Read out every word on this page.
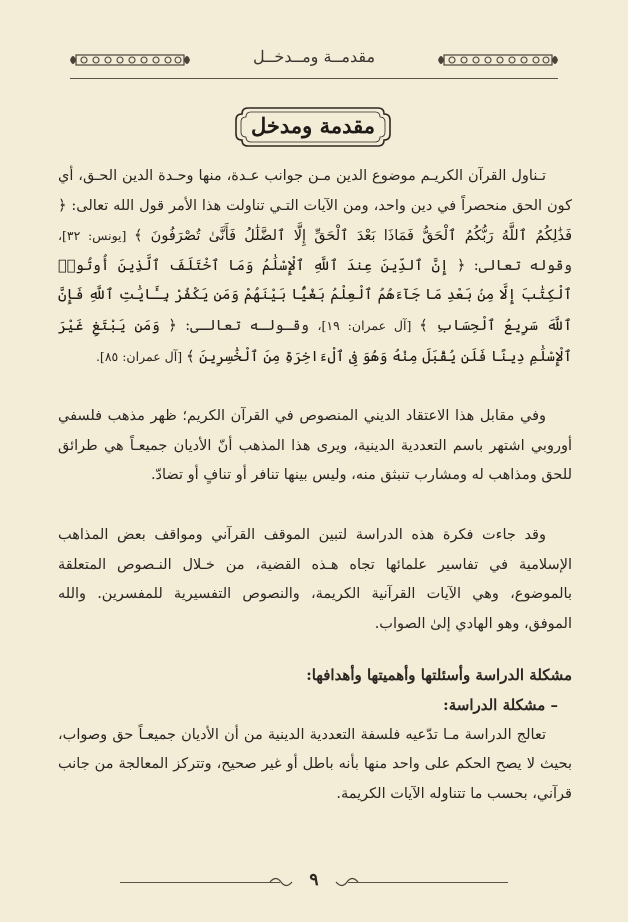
مقدمــة ومــدخــل
مقدمة ومدخل

تـناول القرآن الكريـم موضوع الدين مـن جوانب عـدة، منها وحـدة الدين الحـق، أي كون الحق منحصراً في دين واحد، ومن الآيات التـي تناولت هذا الأمر قول الله تعالى: ﴿ فَذَٰلِكُمُ ٱللَّهُ رَبُّكُمُ ٱلْحَقُّ فَمَاذَا بَعْدَ ٱلْحَقِّ إِلَّا ٱلضَّلَٰلُ فَأَنَّىٰ تُصْرَفُونَ ﴾ [يونس: ٣٢]، وقوله تعالى: ﴿ إِنَّ ٱلدِّينَ عِندَ ٱللَّهِ ٱلْإِسْلَٰمُ وَمَا ٱخْتَلَفَ ٱلَّذِينَ أُوتُوا۟ ٱلْكِتَٰبَ إِلَّا مِنۢ بَعْدِ مَا جَآءَهُمُ ٱلْعِلْمُ بَغْيًۢا بَيْنَهُمْ وَمَن يَكْفُرْ بِـَٔايَٰتِ ٱللَّهِ فَإِنَّ ٱللَّهَ سَرِيعُ ٱلْحِسَابِ ﴾ [آل عمران: ١٩]، وقـولـه تعالـى: ﴿ وَمَن يَبْتَغِ غَيْرَ ٱلْإِسْلَٰمِ دِينًا فَلَن يُقْبَلَ مِنْهُ وَهُوَ فِى ٱلْءَاخِرَةِ مِنَ ٱلْخَٰسِرِينَ ﴾ [آل عمران: ٨٥].

وفي مقابل هذا الاعتقاد الديني المنصوص في القرآن الكريم؛ ظهر مذهب فلسفي أوروبي اشتهر باسم التعددية الدينية، ويرى هذا المذهب أنّ الأديان جميعـاً هي طرائق للحق ومذاهب له ومشارب تنبثق منه، وليس بينها تنافر أو تنافٍ أو تضادّ.

وقد جاءت فكرة هذه الدراسة لتبين الموقف القرآني ومواقف بعض المذاهب الإسلامية في تفاسير علمائها تجاه هـذه القضية، من خـلال النـصوص المتعلقة بالموضوع، وهي الآيات القرآنية الكريمة، والنصوص التفسيرية للمفسرين. والله الموفق، وهو الهادي إلىٰ الصواب.

مشكلة الدراسة وأسئلتها وأهميتها وأهدافها:

– مشكلة الدراسة:

تعالج الدراسة مـا تدّعيه فلسفة التعددية الدينية من أن الأديان جميعـاً حق وصواب، بحيث لا يصح الحكم على واحد منها بأنه باطل أو غير صحيح، وتتركز المعالجة من جانب قرآني، بحسب ما تتناوله الآيات الكريمة.

٩
